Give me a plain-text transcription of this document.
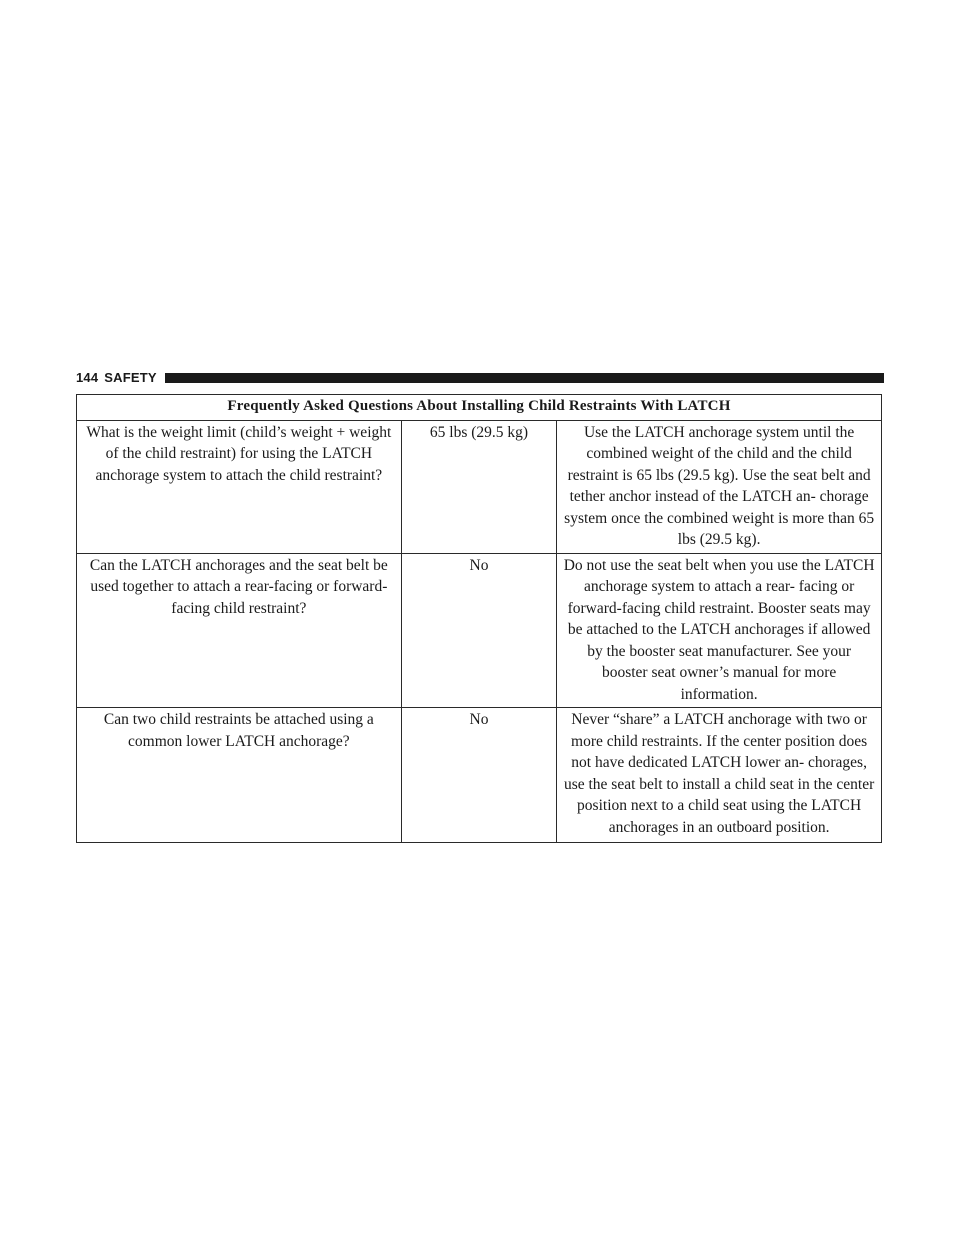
144 SAFETY
Frequently Asked Questions About Installing Child Restraints With LATCH		
What is the weight limit (child’s weight + weight of the child restraint) for using the LATCH anchorage system to attach the child restraint?	65 lbs (29.5 kg)	Use the LATCH anchorage system until the combined weight of the child and the child restraint is 65 lbs (29.5 kg). Use the seat belt and tether anchor instead of the LATCH an- chorage system once the combined weight is more than 65 lbs (29.5 kg).
Can the LATCH anchorages and the seat belt be used together to attach a rear-facing or forward-facing child restraint?	No	Do not use the seat belt when you use the LATCH anchorage system to attach a rear- facing or forward-facing child restraint. Booster seats may be attached to the LATCH anchorages if allowed by the booster seat manufacturer. See your booster seat owner’s manual for more information.
Can two child restraints be attached using a common lower LATCH anchorage?	No	Never “share” a LATCH anchorage with two or more child restraints. If the center position does not have dedicated LATCH lower an- chorages, use the seat belt to install a child seat in the center position next to a child seat using the LATCH anchorages in an outboard position.
